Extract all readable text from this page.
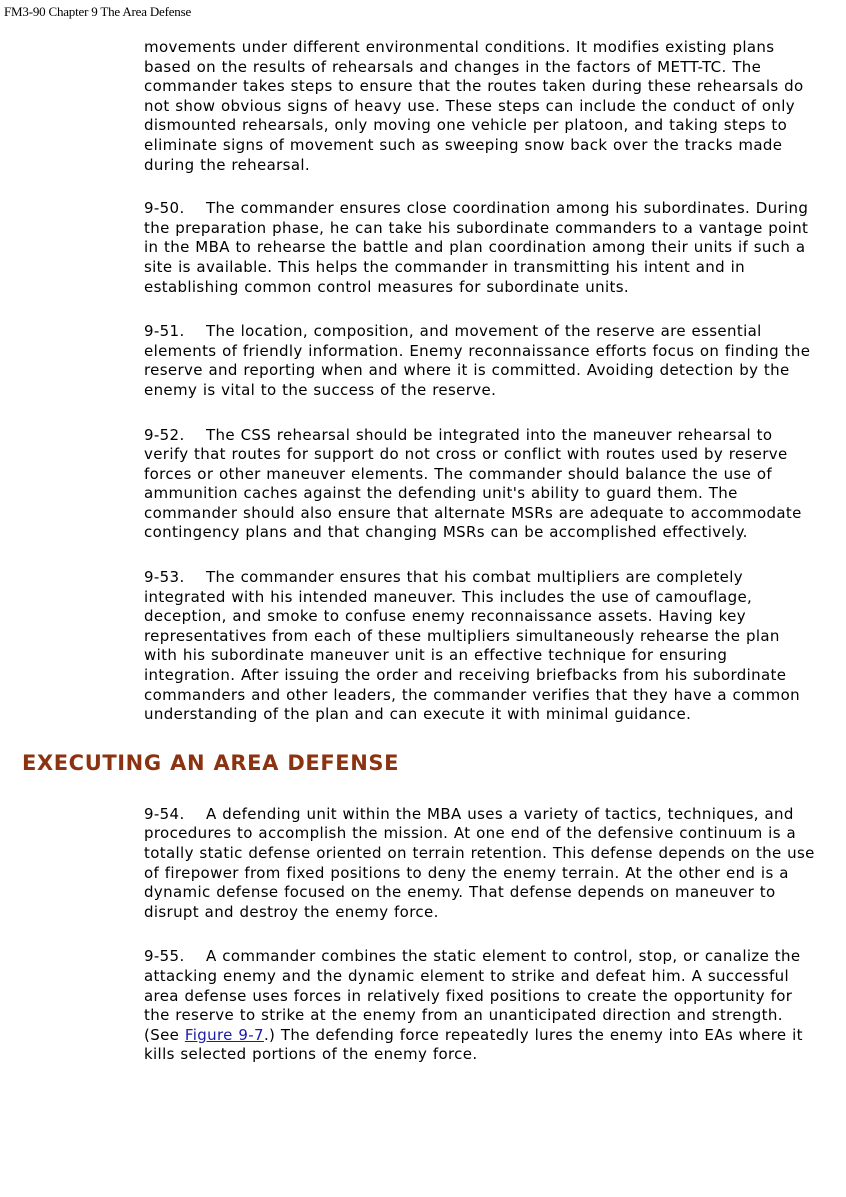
FM3-90 Chapter 9 The Area Defense

movements under different environmental conditions. It modifies existing plans based on the results of rehearsals and changes in the factors of METT-TC. The commander takes steps to ensure that the routes taken during these rehearsals do not show obvious signs of heavy use. These steps can include the conduct of only dismounted rehearsals, only moving one vehicle per platoon, and taking steps to eliminate signs of movement such as sweeping snow back over the tracks made during the rehearsal.

9-50. The commander ensures close coordination among his subordinates. During the preparation phase, he can take his subordinate commanders to a vantage point in the MBA to rehearse the battle and plan coordination among their units if such a site is available. This helps the commander in transmitting his intent and in establishing common control measures for subordinate units.

9-51. The location, composition, and movement of the reserve are essential elements of friendly information. Enemy reconnaissance efforts focus on finding the reserve and reporting when and where it is committed. Avoiding detection by the enemy is vital to the success of the reserve.

9-52. The CSS rehearsal should be integrated into the maneuver rehearsal to verify that routes for support do not cross or conflict with routes used by reserve forces or other maneuver elements. The commander should balance the use of ammunition caches against the defending unit's ability to guard them. The commander should also ensure that alternate MSRs are adequate to accommodate contingency plans and that changing MSRs can be accomplished effectively.

9-53. The commander ensures that his combat multipliers are completely integrated with his intended maneuver. This includes the use of camouflage, deception, and smoke to confuse enemy reconnaissance assets. Having key representatives from each of these multipliers simultaneously rehearse the plan with his subordinate maneuver unit is an effective technique for ensuring integration. After issuing the order and receiving briefbacks from his subordinate commanders and other leaders, the commander verifies that they have a common understanding of the plan and can execute it with minimal guidance.

EXECUTING AN AREA DEFENSE

9-54. A defending unit within the MBA uses a variety of tactics, techniques, and procedures to accomplish the mission. At one end of the defensive continuum is a totally static defense oriented on terrain retention. This defense depends on the use of firepower from fixed positions to deny the enemy terrain. At the other end is a dynamic defense focused on the enemy. That defense depends on maneuver to disrupt and destroy the enemy force.

9-55. A commander combines the static element to control, stop, or canalize the attacking enemy and the dynamic element to strike and defeat him. A successful area defense uses forces in relatively fixed positions to create the opportunity for the reserve to strike at the enemy from an unanticipated direction and strength. (See Figure 9-7.) The defending force repeatedly lures the enemy into EAs where it kills selected portions of the enemy force.
